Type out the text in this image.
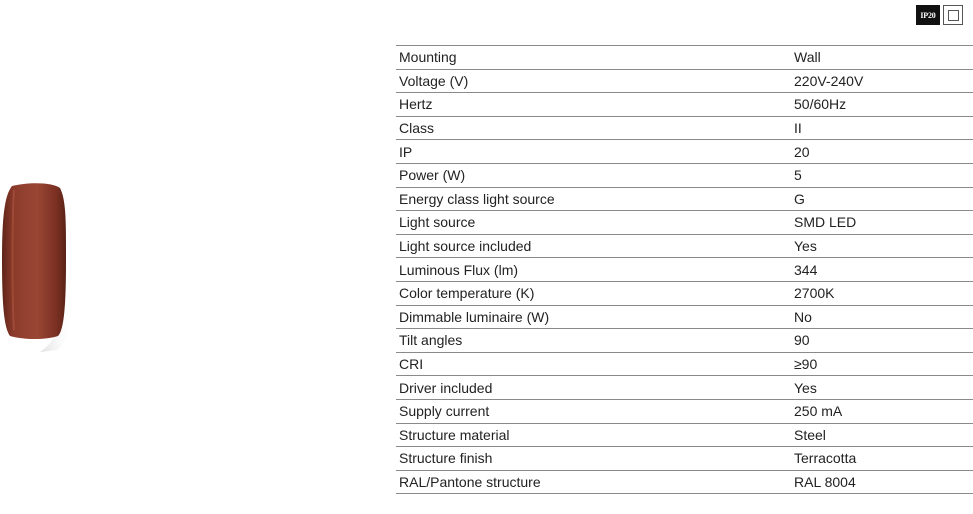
IP20
Mounting	Wall
Voltage (V)	220V-240V
Hertz	50/60Hz
Class	II
IP	20
Power (W)	5
Energy class light source	G
Light source	SMD LED
Light source included	Yes
Luminous Flux (lm)	344
Color temperature (K)	2700K
Dimmable luminaire (W)	No
Tilt angles	90
CRI	≥90
Driver included	Yes
Supply current	250 mA
Structure material	Steel
Structure finish	Terracotta
RAL/Pantone structure	RAL 8004
